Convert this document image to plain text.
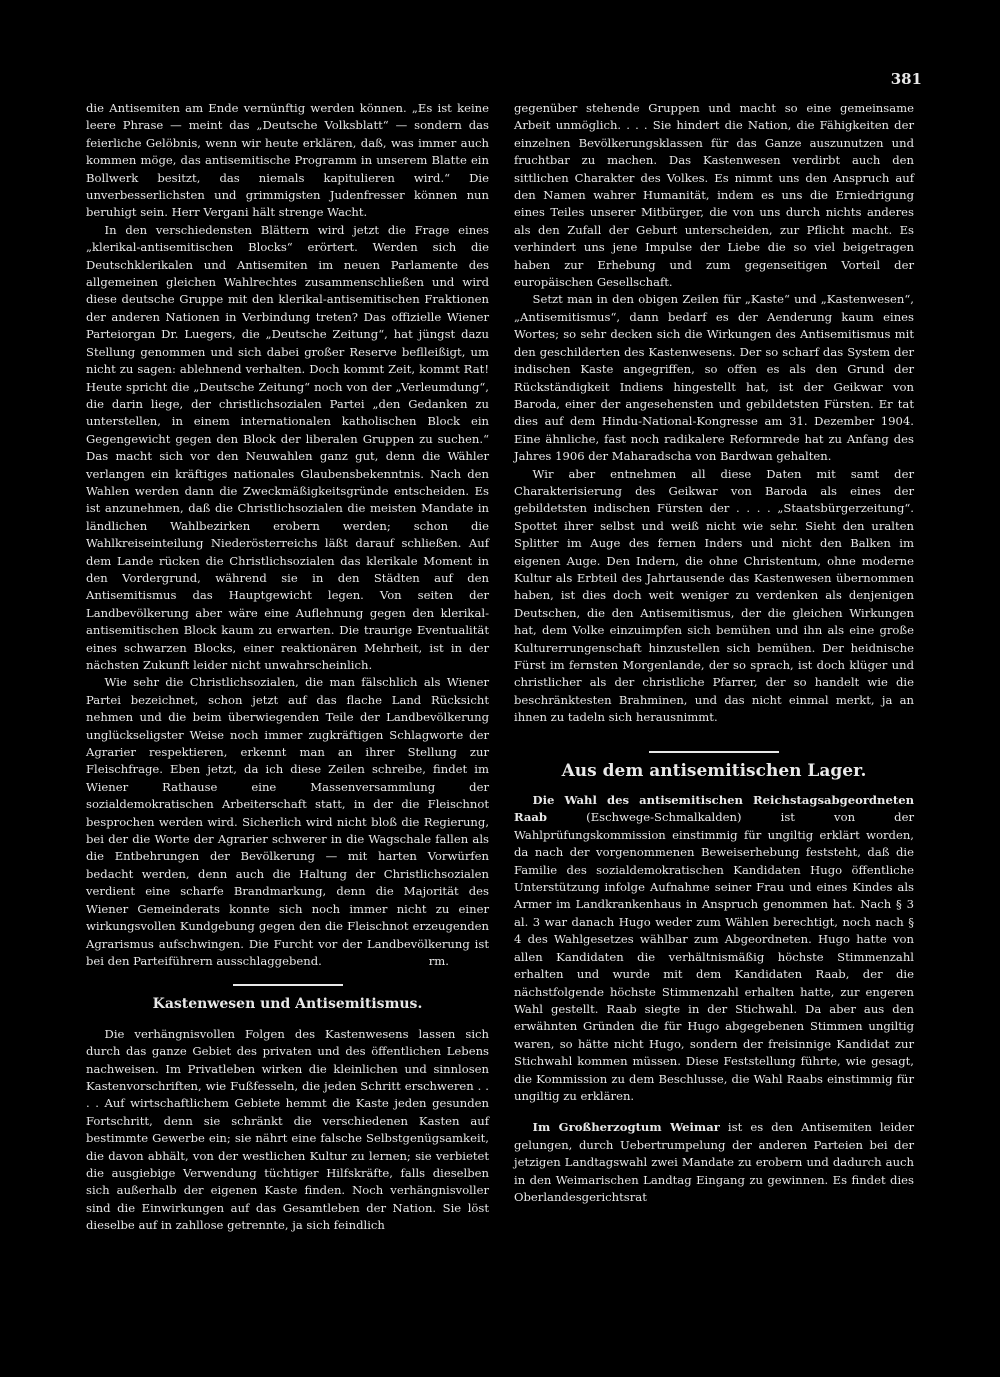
381

die Antisemiten am Ende vernünftig werden können. „Es ist keine leere Phrase — meint das „Deutsche Volksblatt“ — sondern das feierliche Gelöbnis, wenn wir heute erklären, daß, was immer auch kommen möge, das antisemitische Programm in unserem Blatte ein Bollwerk besitzt, das niemals kapitulieren wird.“ Die unverbesserlichsten und grimmigsten Judenfresser können nun beruhigt sein. Herr Vergani hält strenge Wacht.

In den verschiedensten Blättern wird jetzt die Frage eines „klerikal-antisemitischen Blocks“ erörtert. Werden sich die Deutschklerikalen und Antisemiten im neuen Parlamente des allgemeinen gleichen Wahlrechtes zusammenschließen und wird diese deutsche Gruppe mit den klerikal-antisemitischen Fraktionen der anderen Nationen in Verbindung treten? Das offizielle Wiener Parteiorgan Dr. Luegers, die „Deutsche Zeitung“, hat jüngst dazu Stellung genommen und sich dabei großer Reserve beflleißigt, um nicht zu sagen: ablehnend verhalten. Doch kommt Zeit, kommt Rat! Heute spricht die „Deutsche Zeitung“ noch von der „Verleumdung“, die darin liege, der christlichsozialen Partei „den Gedanken zu unterstellen, in einem internationalen katholischen Block ein Gegengewicht gegen den Block der liberalen Gruppen zu suchen.“ Das macht sich vor den Neuwahlen ganz gut, denn die Wähler verlangen ein kräftiges nationales Glaubensbekenntnis. Nach den Wahlen werden dann die Zweckmäßigkeitsgründe entscheiden. Es ist anzunehmen, daß die Christlichsozialen die meisten Mandate in ländlichen Wahlbezirken erobern werden; schon die Wahlkreiseinteilung Niederösterreichs läßt darauf schließen. Auf dem Lande rücken die Christlichsozialen das klerikale Moment in den Vordergrund, während sie in den Städten auf den Antisemitismus das Hauptgewicht legen. Von seiten der Landbevölkerung aber wäre eine Auflehnung gegen den klerikal-antisemitischen Block kaum zu erwarten. Die traurige Eventualität eines schwarzen Blocks, einer reaktionären Mehrheit, ist in der nächsten Zukunft leider nicht unwahrscheinlich.

Wie sehr die Christlichsozialen, die man fälschlich als Wiener Partei bezeichnet, schon jetzt auf das flache Land Rücksicht nehmen und die beim überwiegenden Teile der Landbevölkerung unglückseligster Weise noch immer zugkräftigen Schlagworte der Agrarier respektieren, erkennt man an ihrer Stellung zur Fleischfrage. Eben jetzt, da ich diese Zeilen schreibe, findet im Wiener Rathause eine Massenversammlung der sozialdemokratischen Arbeiterschaft statt, in der die Fleischnot besprochen werden wird. Sicherlich wird nicht bloß die Regierung, bei der die Worte der Agrarier schwerer in die Wagschale fallen als die Entbehrungen der Bevölkerung — mit harten Vorwürfen bedacht werden, denn auch die Haltung der Christlichsozialen verdient eine scharfe Brandmarkung, denn die Majorität des Wiener Gemeinderats konnte sich noch immer nicht zu einer wirkungsvollen Kundgebung gegen den die Fleischnot erzeugenden Agrarismus aufschwingen. Die Furcht vor der Landbevölkerung ist bei den Parteiführern ausschlaggebend.	rm.

Kastenwesen und Antisemitismus.

Die verhängnisvollen Folgen des Kastenwesens lassen sich durch das ganze Gebiet des privaten und des öffentlichen Lebens nachweisen. Im Privatleben wirken die kleinlichen und sinnlosen Kastenvorschriften, wie Fußfesseln, die jeden Schritt erschweren . . . . Auf wirtschaftlichem Gebiete hemmt die Kaste jeden gesunden Fortschritt, denn sie schränkt die verschiedenen Kasten auf bestimmte Gewerbe ein; sie nährt eine falsche Selbstgenügsamkeit, die davon abhält, von der westlichen Kultur zu lernen; sie verbietet die ausgiebige Verwendung tüchtiger Hilfskräfte, falls dieselben sich außerhalb der eigenen Kaste finden. Noch verhängnisvoller sind die Einwirkungen auf das Gesamtleben der Nation. Sie löst dieselbe auf in zahllose getrennte, ja sich feindlich

gegenüber stehende Gruppen und macht so eine gemeinsame Arbeit unmöglich. . . . Sie hindert die Nation, die Fähigkeiten der einzelnen Bevölkerungsklassen für das Ganze auszunutzen und fruchtbar zu machen. Das Kastenwesen verdirbt auch den sittlichen Charakter des Volkes. Es nimmt uns den Anspruch auf den Namen wahrer Humanität, indem es uns die Erniedrigung eines Teiles unserer Mitbürger, die von uns durch nichts anderes als den Zufall der Geburt unterscheiden, zur Pflicht macht. Es verhindert uns jene Impulse der Liebe die so viel beigetragen haben zur Erhebung und zum gegenseitigen Vorteil der europäischen Gesellschaft.

Setzt man in den obigen Zeilen für „Kaste“ und „Kastenwesen“, „Antisemitismus“, dann bedarf es der Aenderung kaum eines Wortes; so sehr decken sich die Wirkungen des Antisemitismus mit den geschilderten des Kastenwesens. Der so scharf das System der indischen Kaste angegriffen, so offen es als den Grund der Rückständigkeit Indiens hingestellt hat, ist der Geikwar von Baroda, einer der angesehensten und gebildetsten Fürsten. Er tat dies auf dem Hindu-National-Kongresse am 31. Dezember 1904. Eine ähnliche, fast noch radikalere Reformrede hat zu Anfang des Jahres 1906 der Maharadscha von Bardwan gehalten.

Wir aber entnehmen all diese Daten mit samt der Charakterisierung des Geikwar von Baroda als eines der gebildetsten indischen Fürsten der . . . . „Staatsbürgerzeitung“. Spottet ihrer selbst und weiß nicht wie sehr. Sieht den uralten Splitter im Auge des fernen Inders und nicht den Balken im eigenen Auge. Den Indern, die ohne Christentum, ohne moderne Kultur als Erbteil des Jahrtausende das Kastenwesen übernommen haben, ist dies doch weit weniger zu verdenken als denjenigen Deutschen, die den Antisemitismus, der die gleichen Wirkungen hat, dem Volke einzuimpfen sich bemühen und ihn als eine große Kulturerrungenschaft hinzustellen sich bemühen. Der heidnische Fürst im fernsten Morgenlande, der so sprach, ist doch klüger und christlicher als der christliche Pfarrer, der so handelt wie die beschränktesten Brahminen, und das nicht einmal merkt, ja an ihnen zu tadeln sich herausnimmt.

Aus dem antisemitischen Lager.

Die Wahl des antisemitischen Reichstagsabgeordneten Raab (Eschwege-Schmalkalden) ist von der Wahlprüfungskommission einstimmig für ungiltig erklärt worden, da nach der vorgenommenen Beweiserhebung feststeht, daß die Familie des sozialdemokratischen Kandidaten Hugo öffentliche Unterstützung infolge Aufnahme seiner Frau und eines Kindes als Armer im Landkrankenhaus in Anspruch genommen hat. Nach § 3 al. 3 war danach Hugo weder zum Wählen berechtigt, noch nach § 4 des Wahlgesetzes wählbar zum Abgeordneten. Hugo hatte von allen Kandidaten die verhältnismäßig höchste Stimmenzahl erhalten und wurde mit dem Kandidaten Raab, der die nächstfolgende höchste Stimmenzahl erhalten hatte, zur engeren Wahl gestellt. Raab siegte in der Stichwahl. Da aber aus den erwähnten Gründen die für Hugo abgegebenen Stimmen ungiltig waren, so hätte nicht Hugo, sondern der freisinnige Kandidat zur Stichwahl kommen müssen. Diese Feststellung führte, wie gesagt, die Kommission zu dem Beschlusse, die Wahl Raabs einstimmig für ungiltig zu erklären.

Im Großherzogtum Weimar ist es den Antisemiten leider gelungen, durch Uebertrumpelung der anderen Parteien bei der jetzigen Landtagswahl zwei Mandate zu erobern und dadurch auch in den Weimarischen Landtag Eingang zu gewinnen. Es findet dies Oberlandesgerichtsrat
